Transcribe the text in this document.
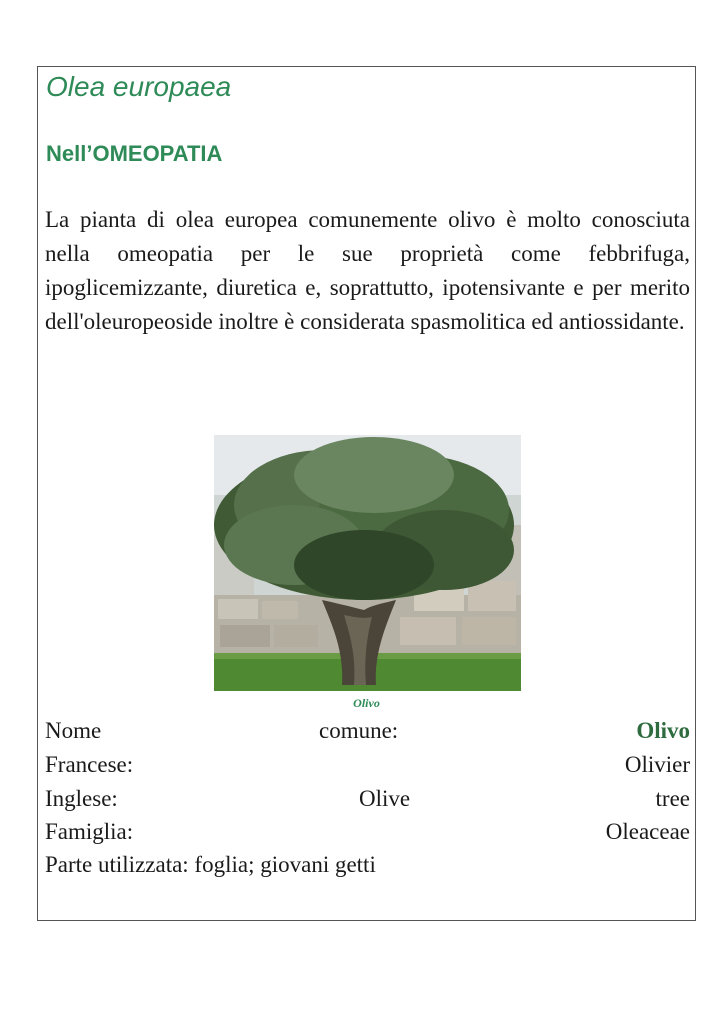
Olea europaea
Nell’OMEOPATIA

La pianta di olea europea comunemente olivo è molto conosciuta nella omeopatia per le sue proprietà come febbrifuga, ipoglicemizzante, diuretica e, soprattutto, ipotensivante e per merito dell'oleuropeoside inoltre è considerata spasmolitica ed antiossidante.

Olivo
Nome	comune:	Olivo
Francese:	Olivier
Inglese:	Olive	tree
Famiglia:	Oleaceae
Parte utilizzata: foglia; giovani getti
